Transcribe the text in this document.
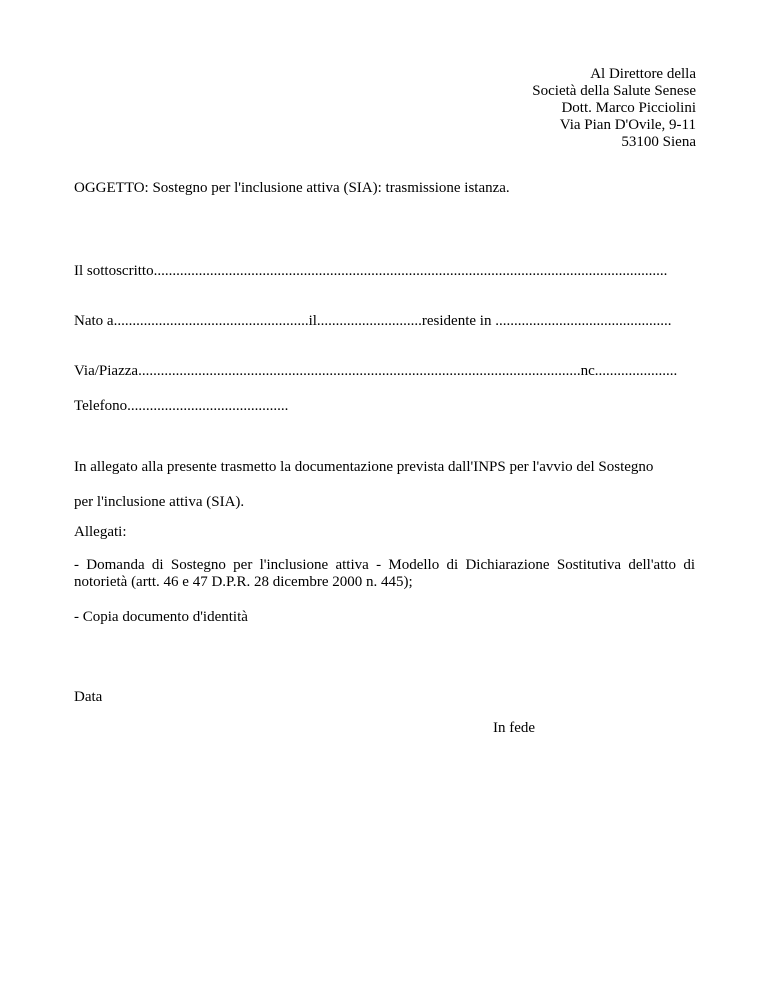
Al Direttore della
Società della Salute Senese
Dott. Marco Picciolini
Via Pian D'Ovile, 9-11
53100 Siena
OGGETTO: Sostegno per l'inclusione attiva (SIA): trasmissione istanza.
Il sottoscritto.........................................................................................................................................
Nato a....................................................il............................residente in ...............................................
Via/Piazza......................................................................................................................nc......................
Telefono...........................................
In allegato alla presente trasmetto la documentazione prevista dall'INPS per l'avvio del Sostegno
per l'inclusione attiva (SIA).
Allegati:
- Domanda di Sostegno per l'inclusione attiva - Modello di Dichiarazione Sostitutiva dell'atto di notorietà (artt. 46 e 47 D.P.R. 28 dicembre 2000 n. 445);
- Copia documento d'identità
Data
In fede
